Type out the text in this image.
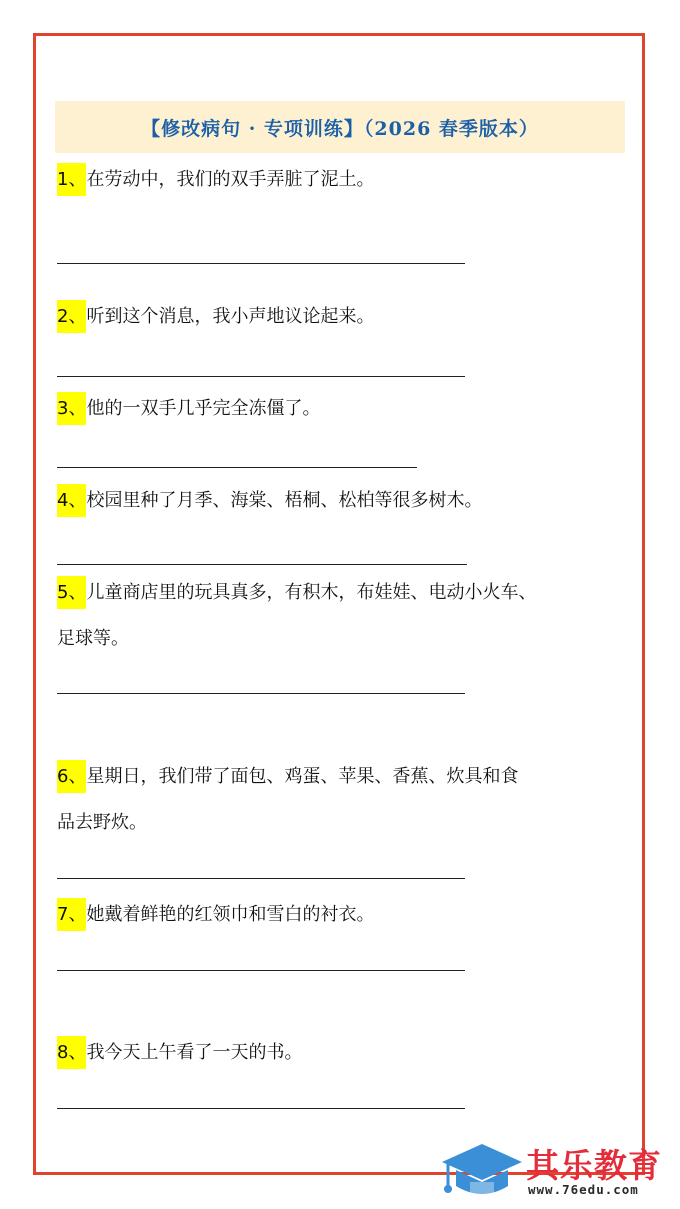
【修改病句 · 专项训练】（2026 春季版本）
1、在劳动中，我们的双手弄脏了泥土。
2、听到这个消息，我小声地议论起来。
3、他的一双手几乎完全冻僵了。
4、校园里种了月季、海棠、梧桐、松柏等很多树木。
5、儿童商店里的玩具真多，有积木，布娃娃、电动小火车、
足球等。
6、星期日，我们带了面包、鸡蛋、苹果、香蕉、炊具和食
品去野炊。
7、她戴着鲜艳的红领巾和雪白的衬衣。
8、我今天上午看了一天的书。
其乐教育
www.76edu.com
